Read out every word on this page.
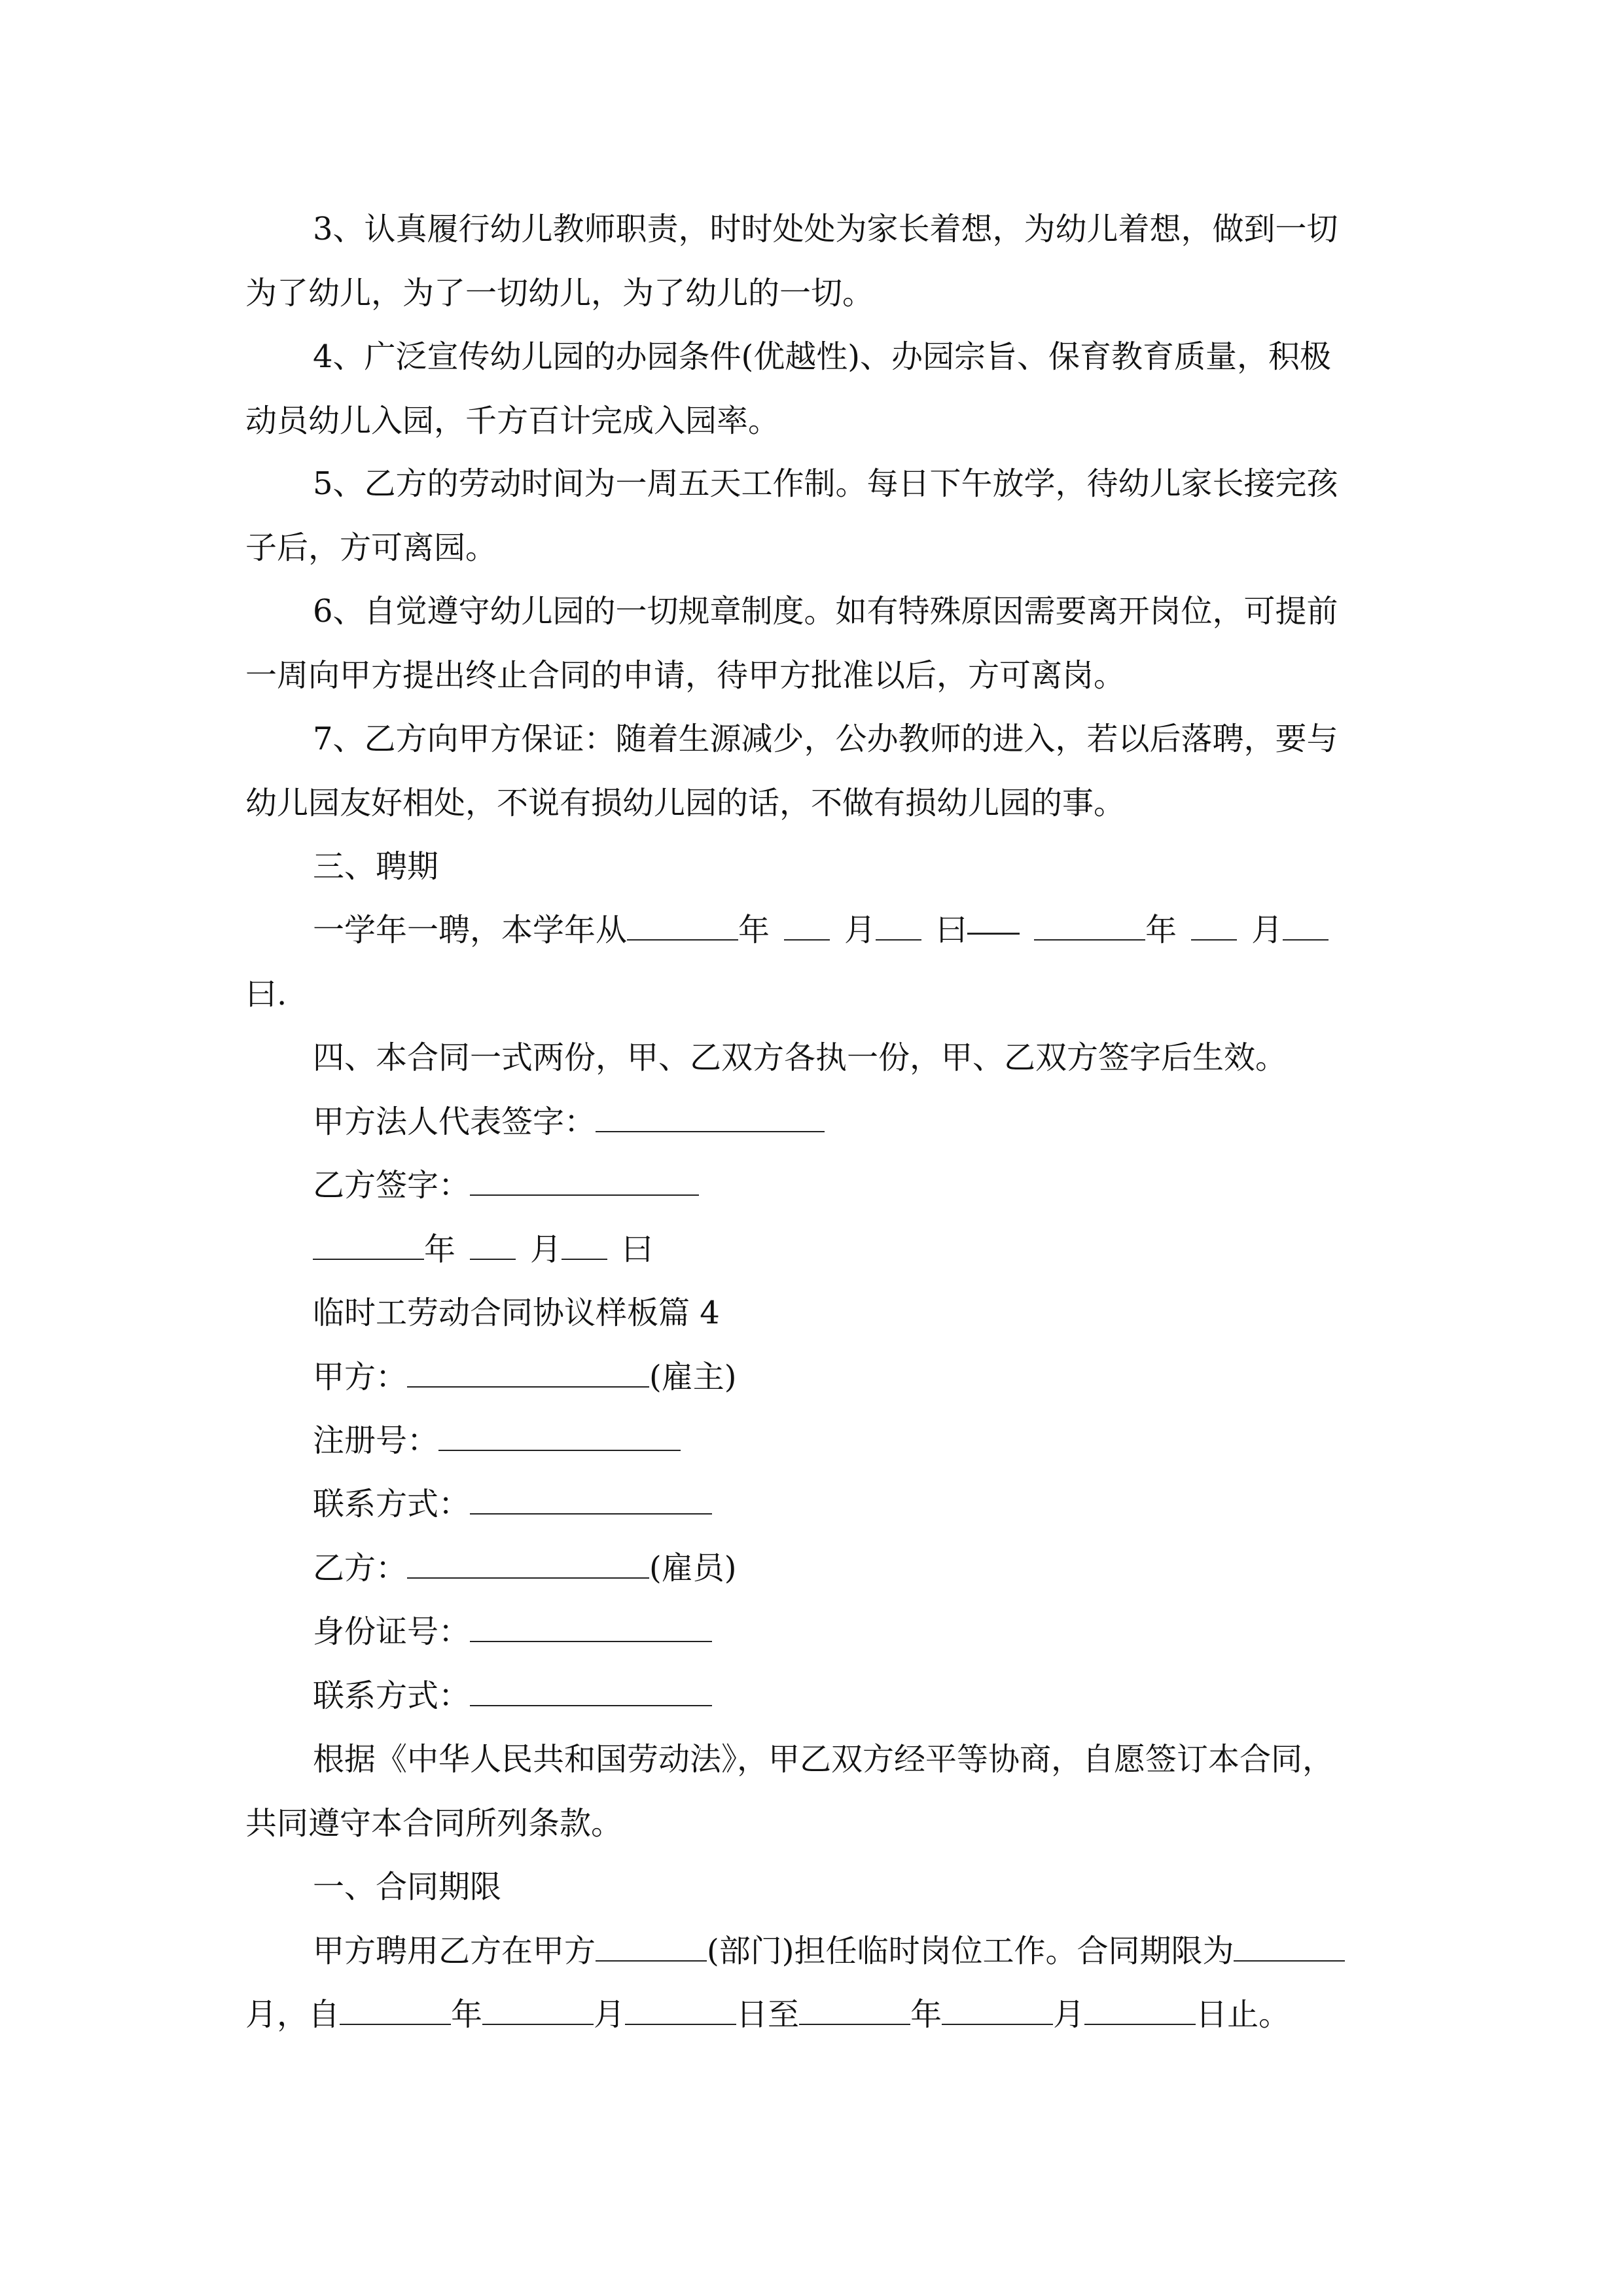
3、认真履行幼儿教师职责，时时处处为家长着想，为幼儿着想，做到一切
为了幼儿，为了一切幼儿，为了幼儿的一切。
4、广泛宣传幼儿园的办园条件(优越性)、办园宗旨、保育教育质量，积极
动员幼儿入园，千方百计完成入园率。
5、乙方的劳动时间为一周五天工作制。每日下午放学，待幼儿家长接完孩
子后，方可离园。
6、自觉遵守幼儿园的一切规章制度。如有特殊原因需要离开岗位，可提前
一周向甲方提出终止合同的申请，待甲方批准以后，方可离岗。
7、乙方向甲方保证：随着生源减少，公办教师的进入，若以后落聘，要与
幼儿园友好相处，不说有损幼儿园的话，不做有损幼儿园的事。
三、聘期
一学年一聘，本学年从	年 月 曰	年 月
曰.
四、本合同一式两份，甲、乙双方各执一份，甲、乙双方签字后生效。
甲方法人代表签字：
乙方签字：
年 月 曰
临时工劳动合同协议样板篇 4
甲方：	(雇主)
注册号：
联系方式：
乙方：	(雇员)
身份证号：
联系方式：
根据《中华人民共和国劳动法》，甲乙双方经平等协商，自愿签订本合同，
共同遵守本合同所列条款。
一、合同期限
甲方聘用乙方在甲方	(部门)担任临时岗位工作。合同期限为
月，自	年	月	日至	年	月	日止。
